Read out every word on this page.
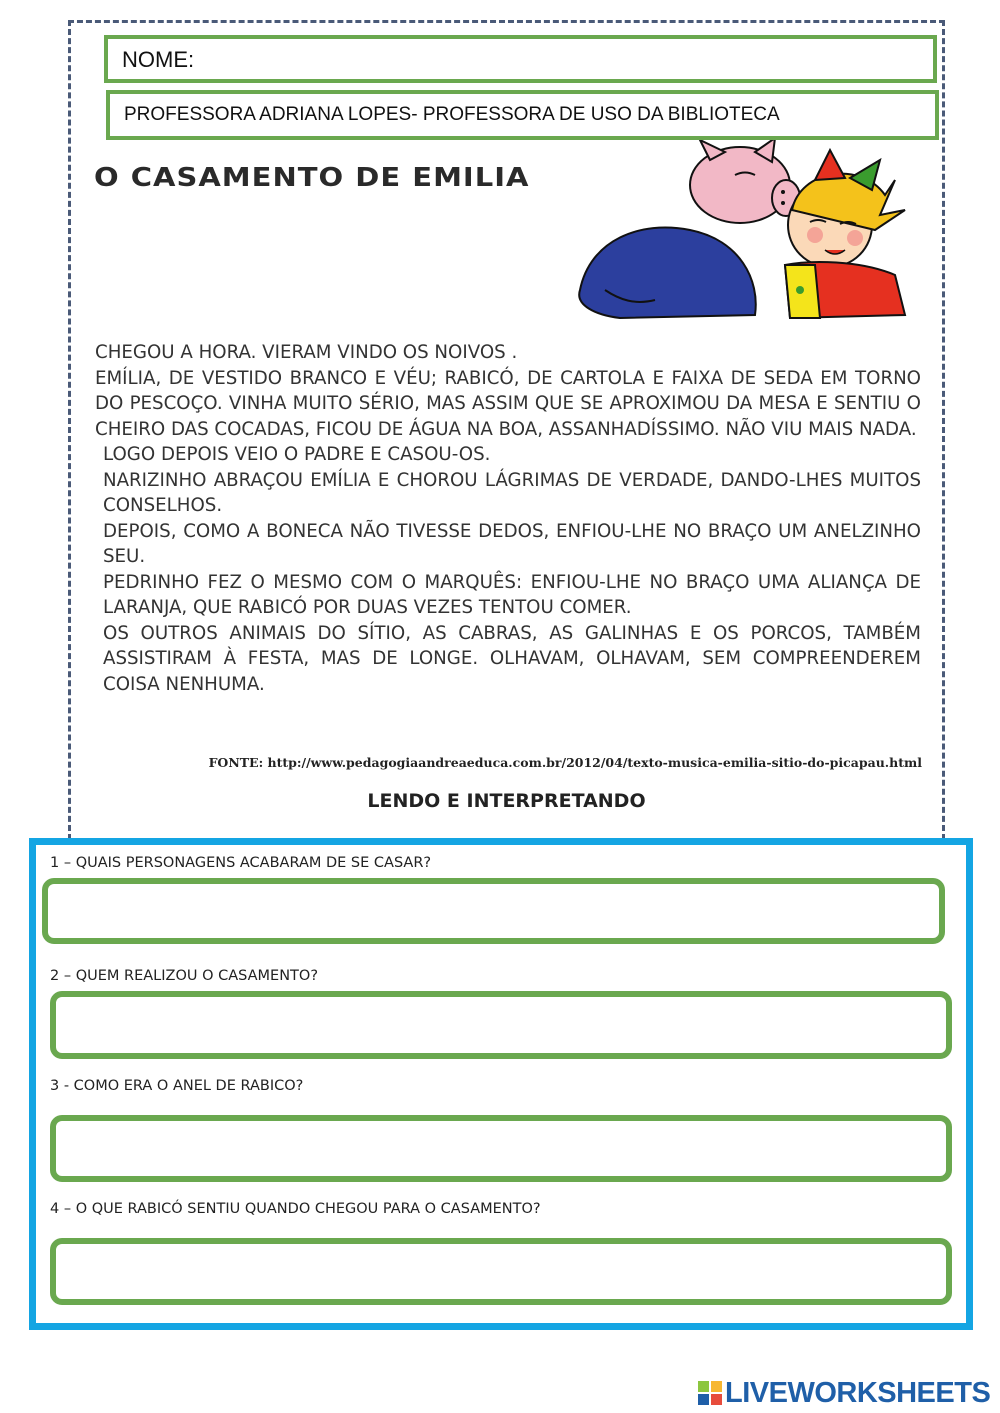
NOME:
PROFESSORA ADRIANA LOPES- PROFESSORA DE USO DA BIBLIOTECA
O CASAMENTO DE EMILIA

CHEGOU A HORA. VIERAM VINDO OS NOIVOS .

EMÍLIA, DE VESTIDO BRANCO E VÉU; RABICÓ, DE CARTOLA E FAIXA DE SEDA EM TORNO DO PESCOÇO. VINHA MUITO SÉRIO, MAS ASSIM QUE SE APROXIMOU DA MESA E SENTIU O CHEIRO DAS COCADAS, FICOU DE ÁGUA NA BOA, ASSANHADÍSSIMO. NÃO VIU MAIS NADA.

LOGO DEPOIS VEIO O PADRE E CASOU-OS.

NARIZINHO ABRAÇOU EMÍLIA E CHOROU LÁGRIMAS DE VERDADE, DANDO-LHES MUITOS CONSELHOS.

DEPOIS, COMO A BONECA NÃO TIVESSE DEDOS, ENFIOU-LHE NO BRAÇO UM ANELZINHO SEU.

PEDRINHO FEZ O MESMO COM O MARQUÊS: ENFIOU-LHE NO BRAÇO UMA ALIANÇA DE LARANJA, QUE RABICÓ POR DUAS VEZES TENTOU COMER.

OS OUTROS ANIMAIS DO SÍTIO, AS CABRAS, AS GALINHAS E OS PORCOS, TAMBÉM ASSISTIRAM À FESTA, MAS DE LONGE. OLHAVAM, OLHAVAM, SEM COMPREENDEREM COISA NENHUMA.

FONTE: http://www.pedagogiaandreaeduca.com.br/2012/04/texto-musica-emilia-sitio-do-picapau.html
LENDO E INTERPRETANDO
1 – QUAIS PERSONAGENS ACABARAM DE SE CASAR?
2 – QUEM REALIZOU O CASAMENTO?
3 - COMO ERA O ANEL DE RABICO?
4 – O QUE RABICÓ SENTIU QUANDO CHEGOU PARA O CASAMENTO?
LIVEWORKSHEETS
